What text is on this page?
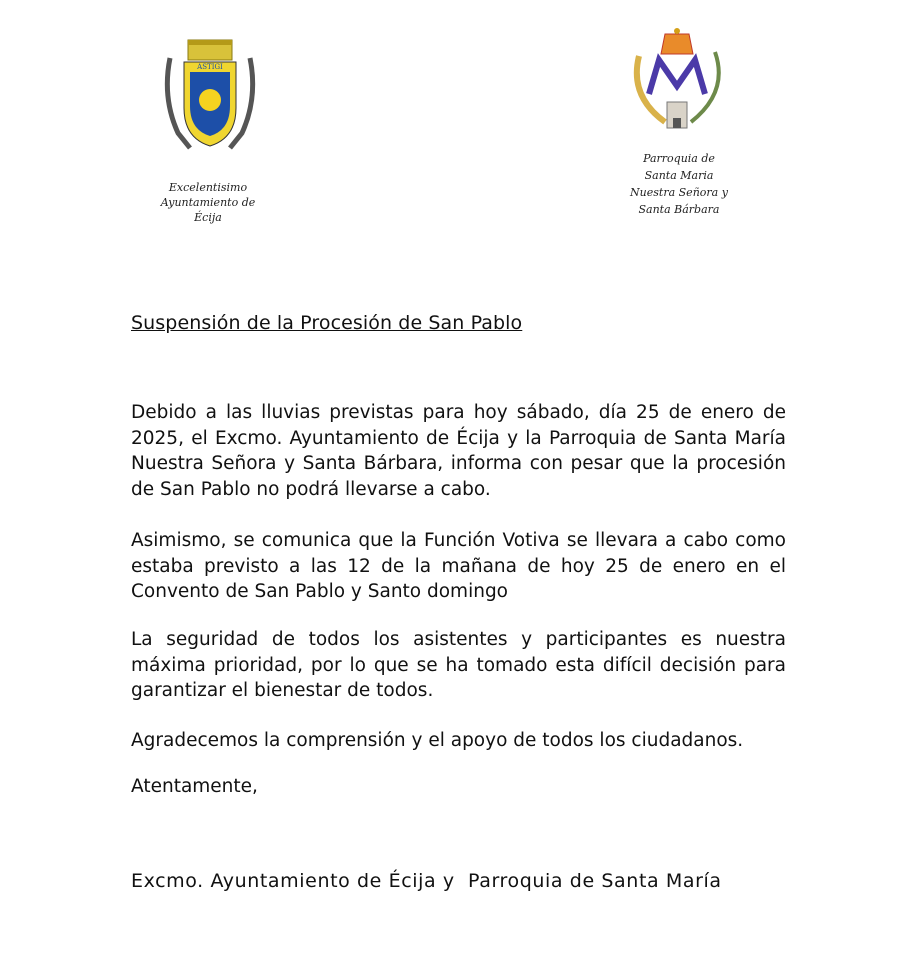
ASTIGI
Excelentisimo
Ayuntamiento de
Écija
Parroquia de
Santa Maria
Nuestra Señora y
Santa Bárbara
Suspensión de la Procesión de San Pablo
Debido a las lluvias previstas para hoy sábado, día 25 de enero de 2025, el Excmo. Ayuntamiento de Écija y la Parroquia de Santa María Nuestra Señora y Santa Bárbara, informa con pesar que la procesión de San Pablo no podrá llevarse a cabo.
Asimismo, se comunica que la Función Votiva se llevara a cabo como estaba previsto a las 12 de la mañana de hoy 25 de enero en el Convento de San Pablo y Santo domingo
La seguridad de todos los asistentes y participantes es nuestra máxima prioridad, por lo que se ha tomado esta difícil decisión para garantizar el bienestar de todos.
Agradecemos la comprensión y el apoyo de todos los ciudadanos.
Atentamente,
Excmo. Ayuntamiento de Écija y  Parroquia de Santa María
